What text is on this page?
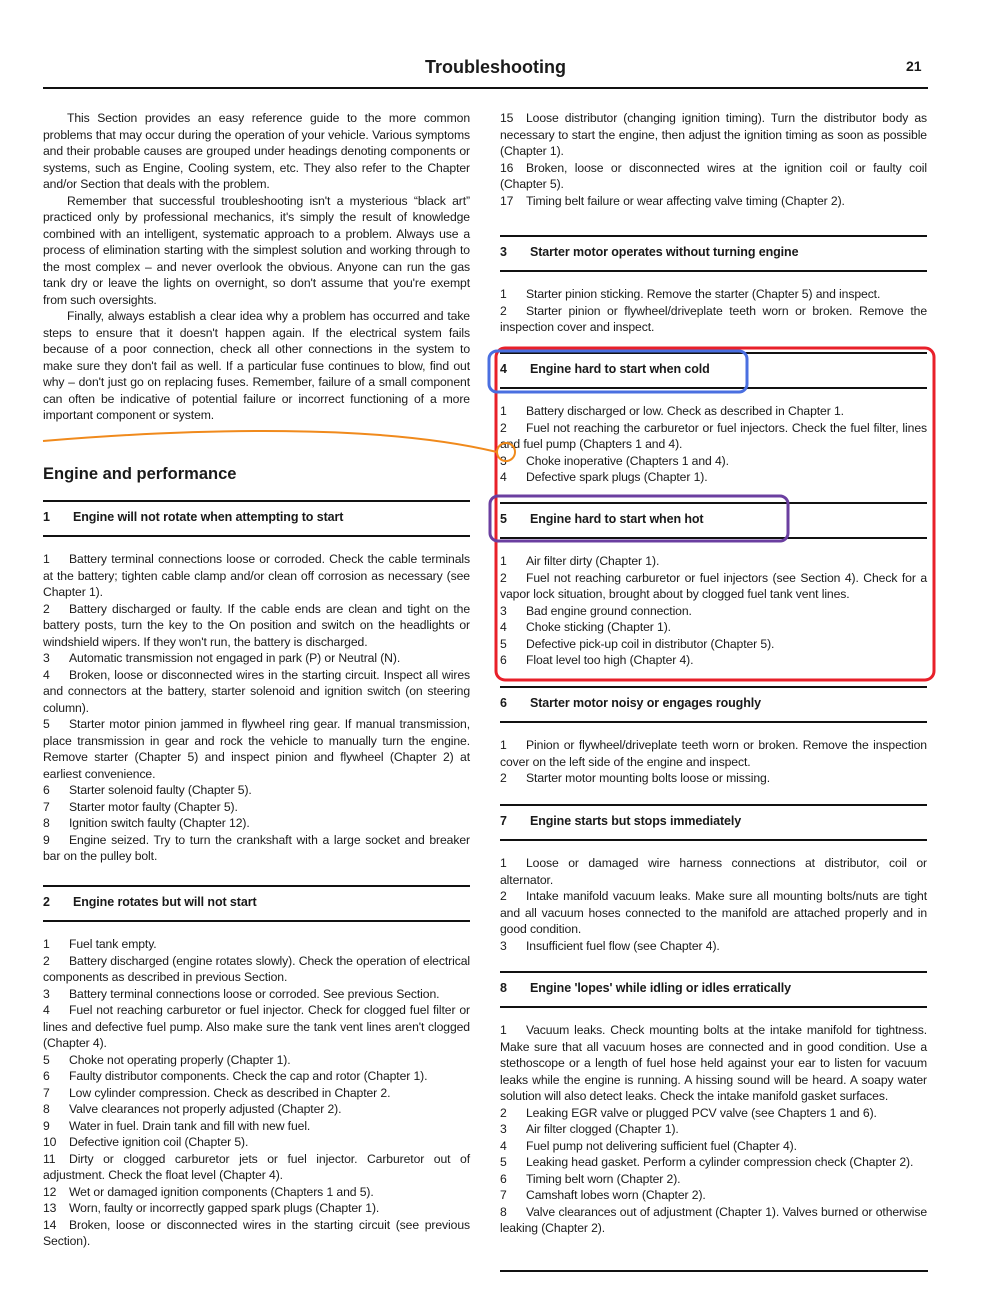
Troubleshooting	21

This Section provides an easy reference guide to the more common problems that may occur during the operation of your vehicle. Various symptoms and their probable causes are grouped under headings denoting components or systems, such as Engine, Cooling system, etc. They also refer to the Chapter and/or Section that deals with the problem.

Remember that successful troubleshooting isn't a mysterious “black art” practiced only by professional mechanics, it's simply the result of knowledge combined with an intelligent, systematic approach to a problem. Always use a process of elimination starting with the simplest solution and working through to the most complex – and never overlook the obvious. Anyone can run the gas tank dry or leave the lights on overnight, so don't assume that you're exempt from such oversights.

Finally, always establish a clear idea why a problem has occurred and take steps to ensure that it doesn't happen again. If the electrical system fails because of a poor connection, check all other connections in the system to make sure they don't fail as well. If a particular fuse continues to blow, find out why – don't just go on replacing fuses. Remember, failure of a small component can often be indicative of potential failure or incorrect functioning of a more important component or system.

Engine and performance
1 Engine will not rotate when attempting to start

1 Battery terminal connections loose or corroded. Check the cable terminals at the battery; tighten cable clamp and/or clean off corrosion as necessary (see Chapter 1).

2 Battery discharged or faulty. If the cable ends are clean and tight on the battery posts, turn the key to the On position and switch on the headlights or windshield wipers. If they won't run, the battery is discharged.

3 Automatic transmission not engaged in park (P) or Neutral (N).

4 Broken, loose or disconnected wires in the starting circuit. Inspect all wires and connectors at the battery, starter solenoid and ignition switch (on steering column).

5 Starter motor pinion jammed in flywheel ring gear. If manual transmission, place transmission in gear and rock the vehicle to manually turn the engine. Remove starter (Chapter 5) and inspect pinion and flywheel (Chapter 2) at earliest convenience.

6 Starter solenoid faulty (Chapter 5).

7 Starter motor faulty (Chapter 5).

8 Ignition switch faulty (Chapter 12).

9 Engine seized. Try to turn the crankshaft with a large socket and breaker bar on the pulley bolt.

2 Engine rotates but will not start

1 Fuel tank empty.

2 Battery discharged (engine rotates slowly). Check the operation of electrical components as described in previous Section.

3 Battery terminal connections loose or corroded. See previous Section.

4 Fuel not reaching carburetor or fuel injector. Check for clogged fuel filter or lines and defective fuel pump. Also make sure the tank vent lines aren't clogged (Chapter 4).

5 Choke not operating properly (Chapter 1).

6 Faulty distributor components. Check the cap and rotor (Chapter 1).

7 Low cylinder compression. Check as described in Chapter 2.

8 Valve clearances not properly adjusted (Chapter 2).

9 Water in fuel. Drain tank and fill with new fuel.

10 Defective ignition coil (Chapter 5).

11 Dirty or clogged carburetor jets or fuel injector. Carburetor out of adjustment. Check the float level (Chapter 4).

12 Wet or damaged ignition components (Chapters 1 and 5).

13 Worn, faulty or incorrectly gapped spark plugs (Chapter 1).

14 Broken, loose or disconnected wires in the starting circuit (see previous Section).

15 Loose distributor (changing ignition timing). Turn the distributor body as necessary to start the engine, then adjust the ignition timing as soon as possible (Chapter 1).

16 Broken, loose or disconnected wires at the ignition coil or faulty coil (Chapter 5).

17 Timing belt failure or wear affecting valve timing (Chapter 2).

3 Starter motor operates without turning engine

1 Starter pinion sticking. Remove the starter (Chapter 5) and inspect.

2 Starter pinion or flywheel/driveplate teeth worn or broken. Remove the inspection cover and inspect.

4 Engine hard to start when cold

1 Battery discharged or low. Check as described in Chapter 1.

2 Fuel not reaching the carburetor or fuel injectors. Check the fuel filter, lines and fuel pump (Chapters 1 and 4).

3 Choke inoperative (Chapters 1 and 4).

4 Defective spark plugs (Chapter 1).

5 Engine hard to start when hot

1 Air filter dirty (Chapter 1).

2 Fuel not reaching carburetor or fuel injectors (see Section 4). Check for a vapor lock situation, brought about by clogged fuel tank vent lines.

3 Bad engine ground connection.

4 Choke sticking (Chapter 1).

5 Defective pick-up coil in distributor (Chapter 5).

6 Float level too high (Chapter 4).

6 Starter motor noisy or engages roughly

1 Pinion or flywheel/driveplate teeth worn or broken. Remove the inspection cover on the left side of the engine and inspect.

2 Starter motor mounting bolts loose or missing.

7 Engine starts but stops immediately

1 Loose or damaged wire harness connections at distributor, coil or alternator.

2 Intake manifold vacuum leaks. Make sure all mounting bolts/nuts are tight and all vacuum hoses connected to the manifold are attached properly and in good condition.

3 Insufficient fuel flow (see Chapter 4).

8 Engine 'lopes' while idling or idles erratically

1 Vacuum leaks. Check mounting bolts at the intake manifold for tightness. Make sure that all vacuum hoses are connected and in good condition. Use a stethoscope or a length of fuel hose held against your ear to listen for vacuum leaks while the engine is running. A hissing sound will be heard. A soapy water solution will also detect leaks. Check the intake manifold gasket surfaces.

2 Leaking EGR valve or plugged PCV valve (see Chapters 1 and 6).

3 Air filter clogged (Chapter 1).

4 Fuel pump not delivering sufficient fuel (Chapter 4).

5 Leaking head gasket. Perform a cylinder compression check (Chapter 2).

6 Timing belt worn (Chapter 2).

7 Camshaft lobes worn (Chapter 2).

8 Valve clearances out of adjustment (Chapter 1). Valves burned or otherwise leaking (Chapter 2).
